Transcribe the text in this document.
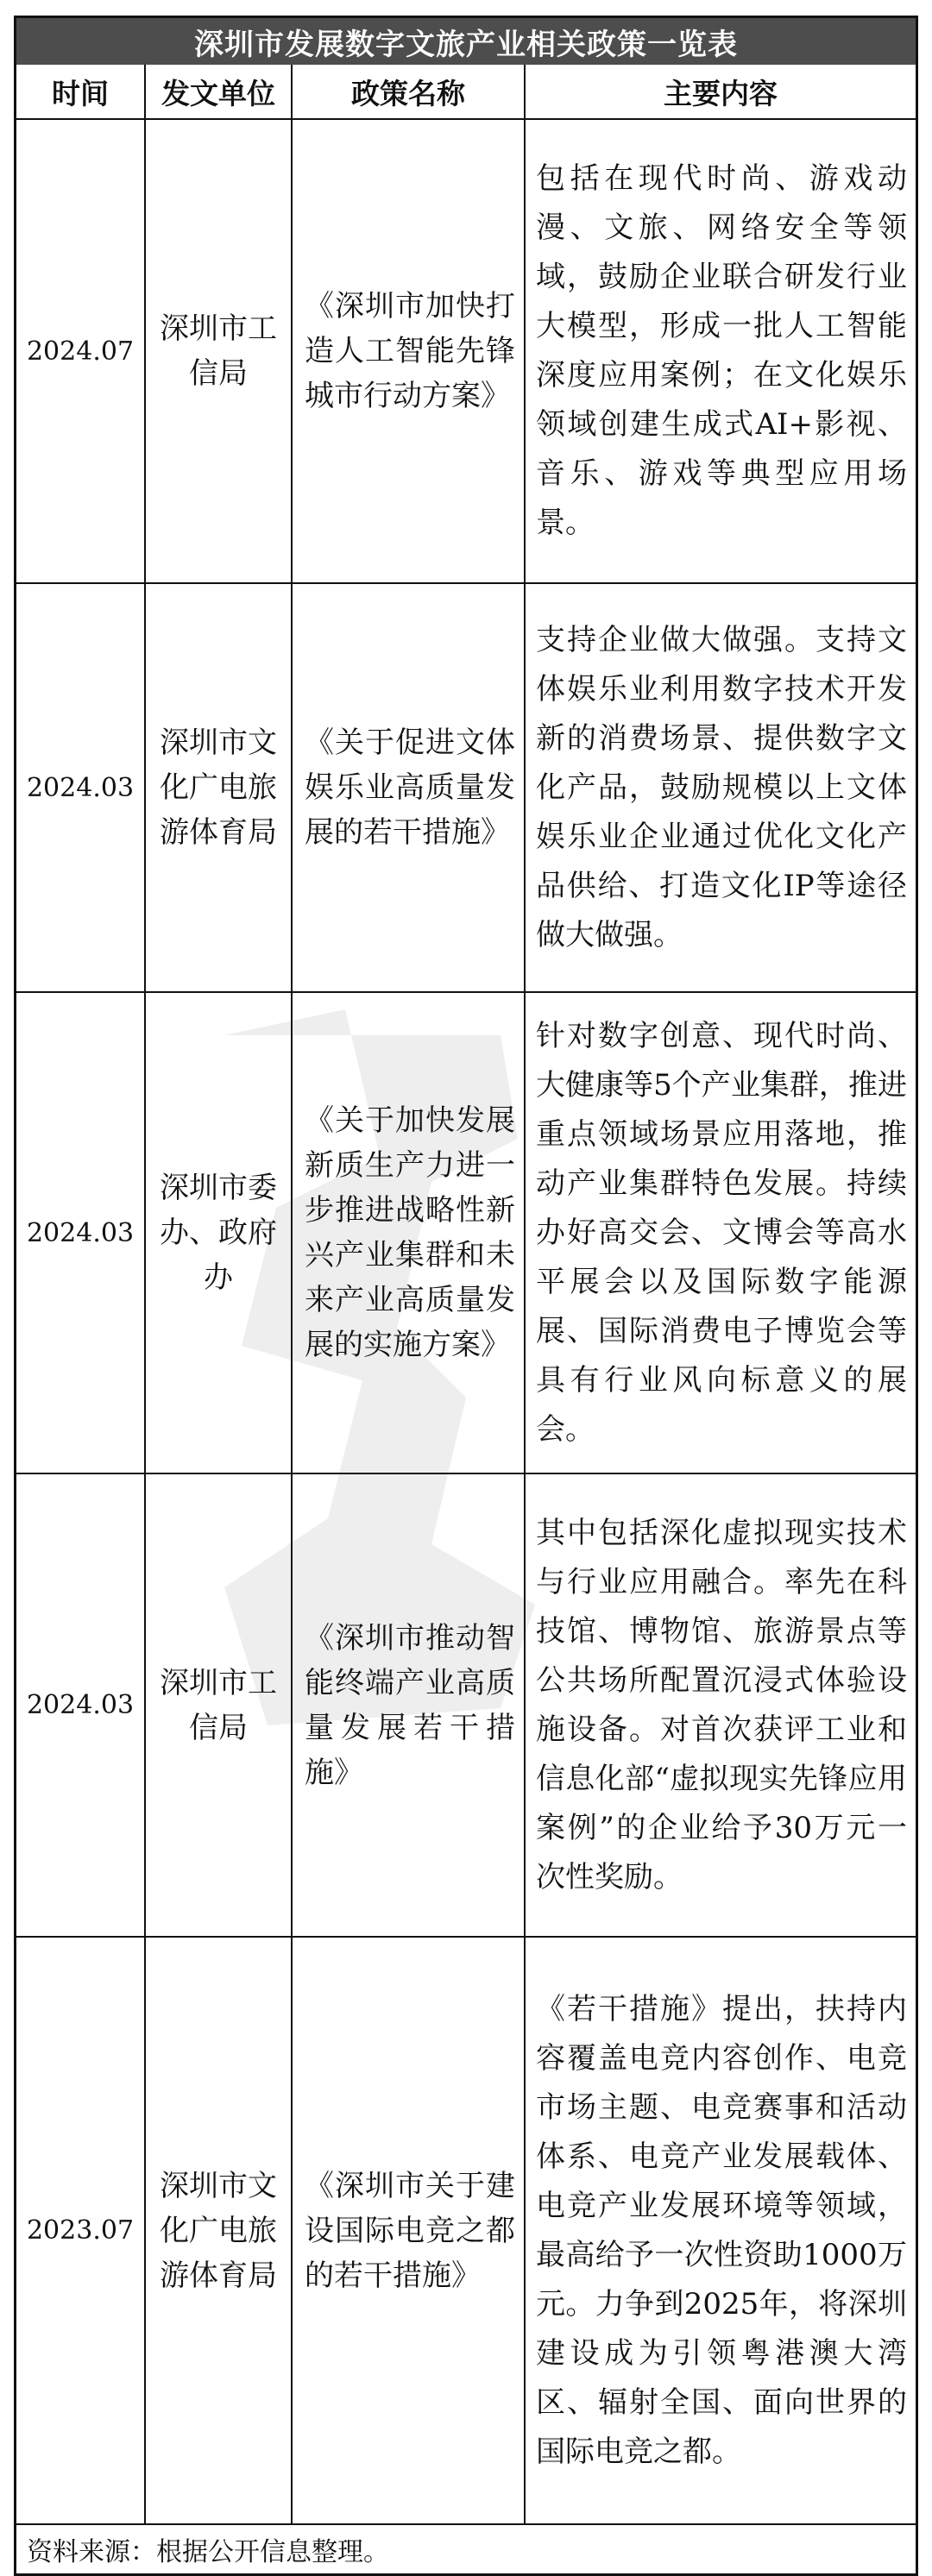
深圳市发展数字文旅产业相关政策一览表
时间	发文单位	政策名称	主要内容
2024.07	深圳市工信局	《深圳市加快打造人工智能先锋城市行动方案》	包括在现代时尚、游戏动漫、文旅、网络安全等领域，鼓励企业联合研发行业大模型，形成一批人工智能深度应用案例；在文化娱乐领域创建生成式AI+影视、音乐、游戏等典型应用场景。
2024.03	深圳市文化广电旅游体育局	《关于促进文体娱乐业高质量发展的若干措施》	支持企业做大做强。支持文体娱乐业利用数字技术开发新的消费场景、提供数字文化产品，鼓励规模以上文体娱乐业企业通过优化文化产品供给、打造文化IP等途径做大做强。
2024.03	深圳市委办、政府办	《关于加快发展新质生产力进一步推进战略性新兴产业集群和未来产业高质量发展的实施方案》	针对数字创意、现代时尚、大健康等5个产业集群，推进重点领域场景应用落地，推动产业集群特色发展。持续办好高交会、文博会等高水平展会以及国际数字能源展、国际消费电子博览会等具有行业风向标意义的展会。
2024.03	深圳市工信局	《深圳市推动智能终端产业高质量发展若干措施》	其中包括深化虚拟现实技术与行业应用融合。率先在科技馆、博物馆、旅游景点等公共场所配置沉浸式体验设施设备。对首次获评工业和信息化部“虚拟现实先锋应用案例”的企业给予30万元一次性奖励。
2023.07	深圳市文化广电旅游体育局	《深圳市关于建设国际电竞之都的若干措施》	《若干措施》提出，扶持内容覆盖电竞内容创作、电竞市场主题、电竞赛事和活动体系、电竞产业发展载体、电竞产业发展环境等领域，最高给予一次性资助1000万元。力争到2025年，将深圳建设成为引领粤港澳大湾区、辐射全国、面向世界的国际电竞之都。
资料来源：根据公开信息整理。
